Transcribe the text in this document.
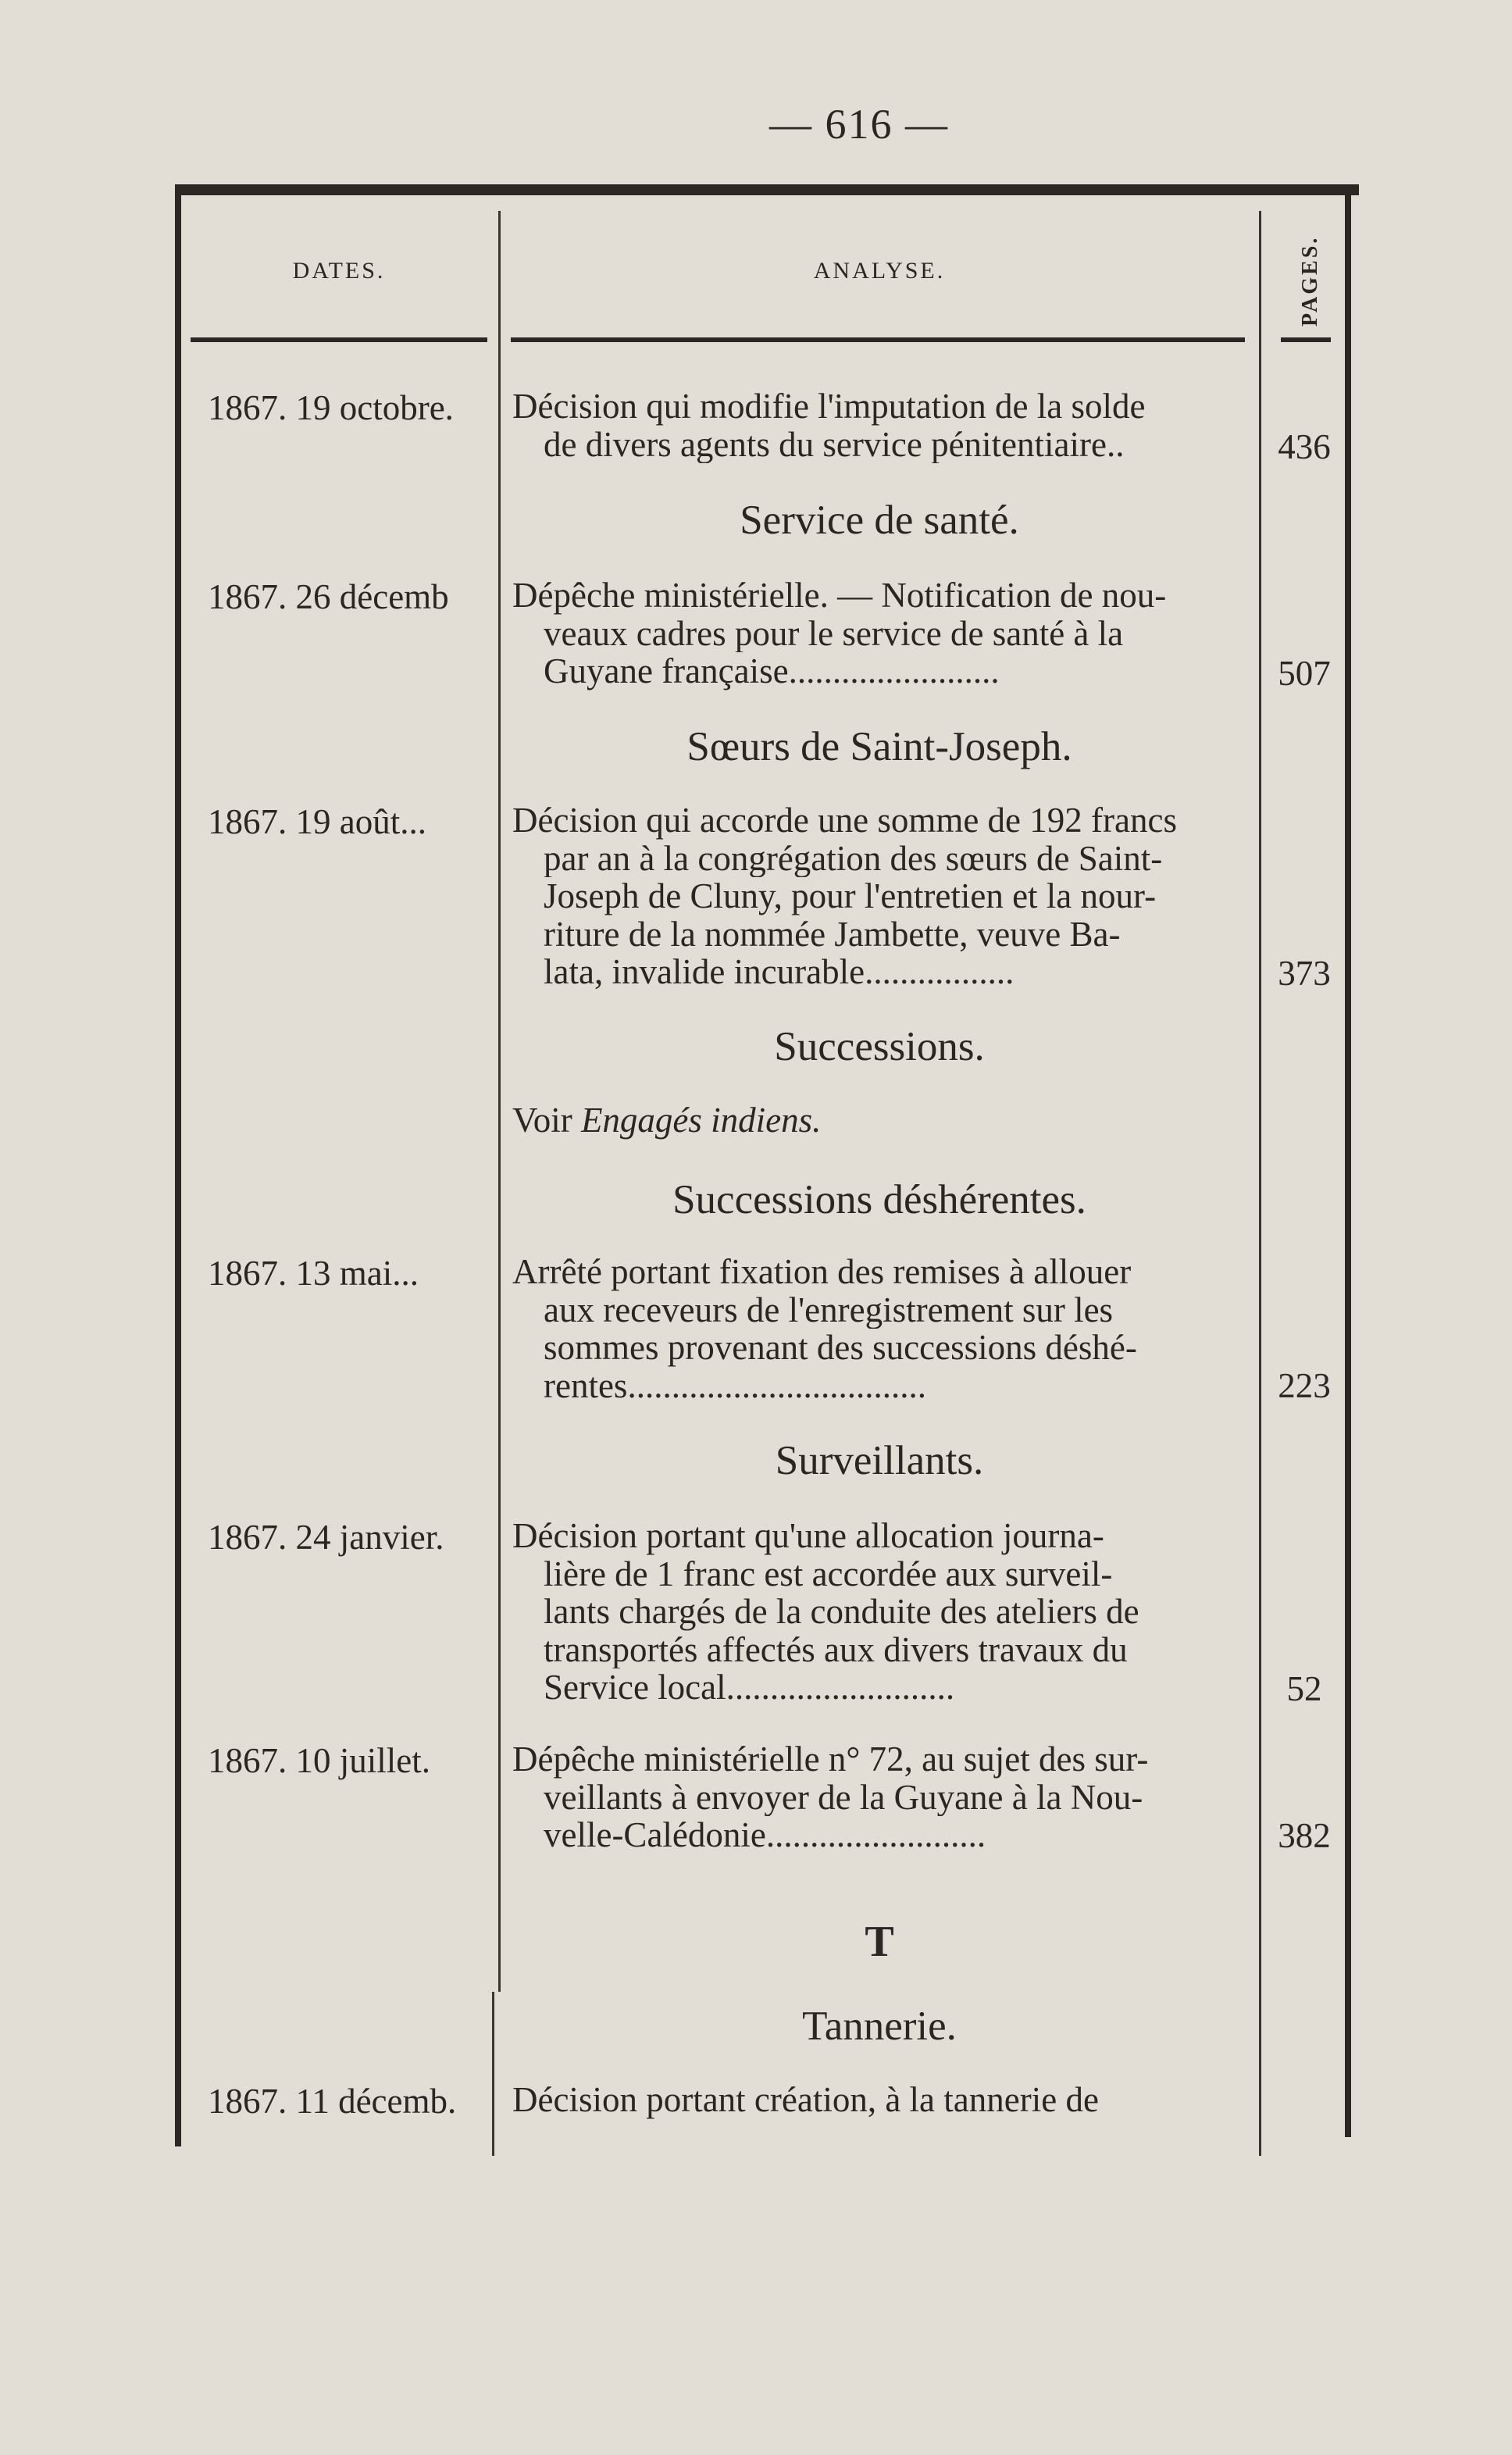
— 616 —
DATES.	ANALYSE.	PAGES.
1867. 19 octobre.	Décision qui modifie l'imputation de la solde
de divers agents du service pénitentiaire..	436
Service de santé.
1867. 26 décemb	Dépêche ministérielle. — Notification de nou-
veaux cadres pour le service de santé à la
Guyane française........................	507
Sœurs de Saint-Joseph.
1867. 19 août...	Décision qui accorde une somme de 192 francs
par an à la congrégation des sœurs de Saint-
Joseph de Cluny, pour l'entretien et la nour-
riture de la nommée Jambette, veuve Ba-
lata, invalide incurable.................	373
Successions.
Voir Engagés indiens.
Successions déshérentes.
1867. 13 mai...	Arrêté portant fixation des remises à allouer
aux receveurs de l'enregistrement sur les
sommes provenant des successions déshé-
rentes..................................	223
Surveillants.
1867. 24 janvier.	Décision portant qu'une allocation journa-
lière de 1 franc est accordée aux surveil-
lants chargés de la conduite des ateliers de
transportés affectés aux divers travaux du
Service local..........................	52
1867. 10 juillet.	Dépêche ministérielle n° 72, au sujet des sur-
veillants à envoyer de la Guyane à la Nou-
velle-Calédonie.........................	382
T
Tannerie.
1867. 11 décemb.	Décision portant création, à la tannerie de
